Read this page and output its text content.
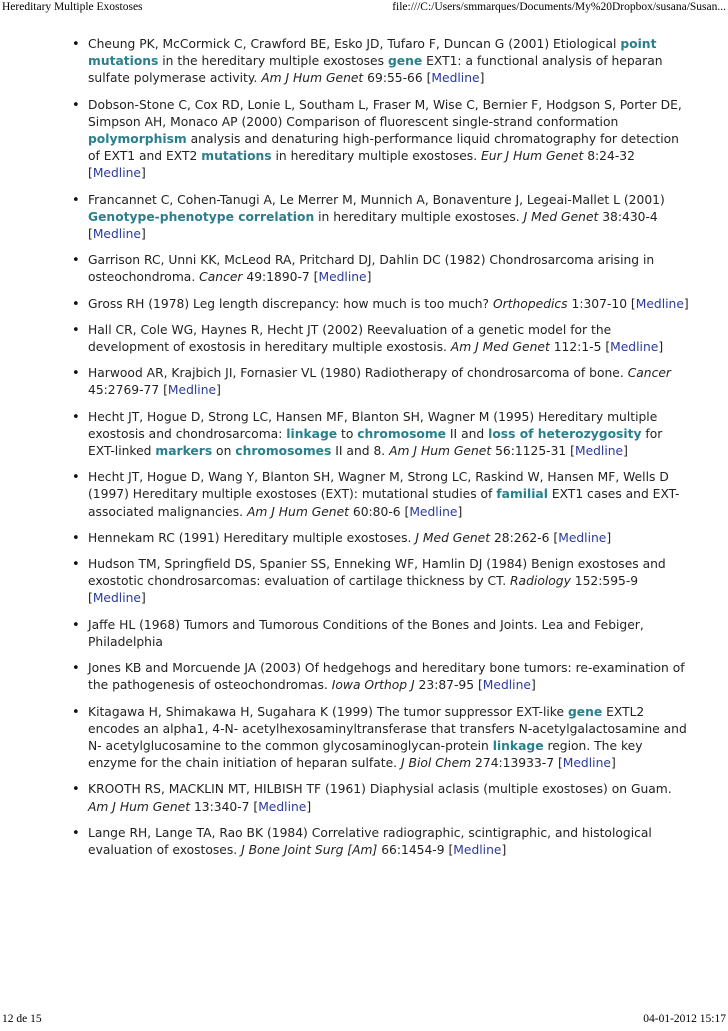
Hereditary Multiple Exostoses	file:///C:/Users/smmarques/Documents/My%20Dropbox/susana/Susan...
• Cheung PK, McCormick C, Crawford BE, Esko JD, Tufaro F, Duncan G (2001) Etiological point mutations in the hereditary multiple exostoses gene EXT1: a functional analysis of heparan sulfate polymerase activity. Am J Hum Genet 69:55-66 [Medline]
• Dobson-Stone C, Cox RD, Lonie L, Southam L, Fraser M, Wise C, Bernier F, Hodgson S, Porter DE, Simpson AH, Monaco AP (2000) Comparison of fluorescent single-strand conformation polymorphism analysis and denaturing high-performance liquid chromatography for detection of EXT1 and EXT2 mutations in hereditary multiple exostoses. Eur J Hum Genet 8:24-32 [Medline]
• Francannet C, Cohen-Tanugi A, Le Merrer M, Munnich A, Bonaventure J, Legeai-Mallet L (2001) Genotype-phenotype correlation in hereditary multiple exostoses. J Med Genet 38:430-4 [Medline]
• Garrison RC, Unni KK, McLeod RA, Pritchard DJ, Dahlin DC (1982) Chondrosarcoma arising in osteochondroma. Cancer 49:1890-7 [Medline]
• Gross RH (1978) Leg length discrepancy: how much is too much? Orthopedics 1:307-10 [Medline]
• Hall CR, Cole WG, Haynes R, Hecht JT (2002) Reevaluation of a genetic model for the development of exostosis in hereditary multiple exostosis. Am J Med Genet 112:1-5 [Medline]
• Harwood AR, Krajbich JI, Fornasier VL (1980) Radiotherapy of chondrosarcoma of bone. Cancer 45:2769-77 [Medline]
• Hecht JT, Hogue D, Strong LC, Hansen MF, Blanton SH, Wagner M (1995) Hereditary multiple exostosis and chondrosarcoma: linkage to chromosome II and loss of heterozygosity for EXT-linked markers on chromosomes II and 8. Am J Hum Genet 56:1125-31 [Medline]
• Hecht JT, Hogue D, Wang Y, Blanton SH, Wagner M, Strong LC, Raskind W, Hansen MF, Wells D (1997) Hereditary multiple exostoses (EXT): mutational studies of familial EXT1 cases and EXT-associated malignancies. Am J Hum Genet 60:80-6 [Medline]
• Hennekam RC (1991) Hereditary multiple exostoses. J Med Genet 28:262-6 [Medline]
• Hudson TM, Springfield DS, Spanier SS, Enneking WF, Hamlin DJ (1984) Benign exostoses and exostotic chondrosarcomas: evaluation of cartilage thickness by CT. Radiology 152:595-9 [Medline]
• Jaffe HL (1968) Tumors and Tumorous Conditions of the Bones and Joints. Lea and Febiger, Philadelphia
• Jones KB and Morcuende JA (2003) Of hedgehogs and hereditary bone tumors: re-examination of the pathogenesis of osteochondromas. Iowa Orthop J 23:87-95 [Medline]
• Kitagawa H, Shimakawa H, Sugahara K (1999) The tumor suppressor EXT-like gene EXTL2 encodes an alpha1, 4-N- acetylhexosaminyltransferase that transfers N-acetylgalactosamine and N- acetylglucosamine to the common glycosaminoglycan-protein linkage region. The key enzyme for the chain initiation of heparan sulfate. J Biol Chem 274:13933-7 [Medline]
• KROOTH RS, MACKLIN MT, HILBISH TF (1961) Diaphysial aclasis (multiple exostoses) on Guam. Am J Hum Genet 13:340-7 [Medline]
• Lange RH, Lange TA, Rao BK (1984) Correlative radiographic, scintigraphic, and histological evaluation of exostoses. J Bone Joint Surg [Am] 66:1454-9 [Medline]
12 de 15	04-01-2012 15:17
